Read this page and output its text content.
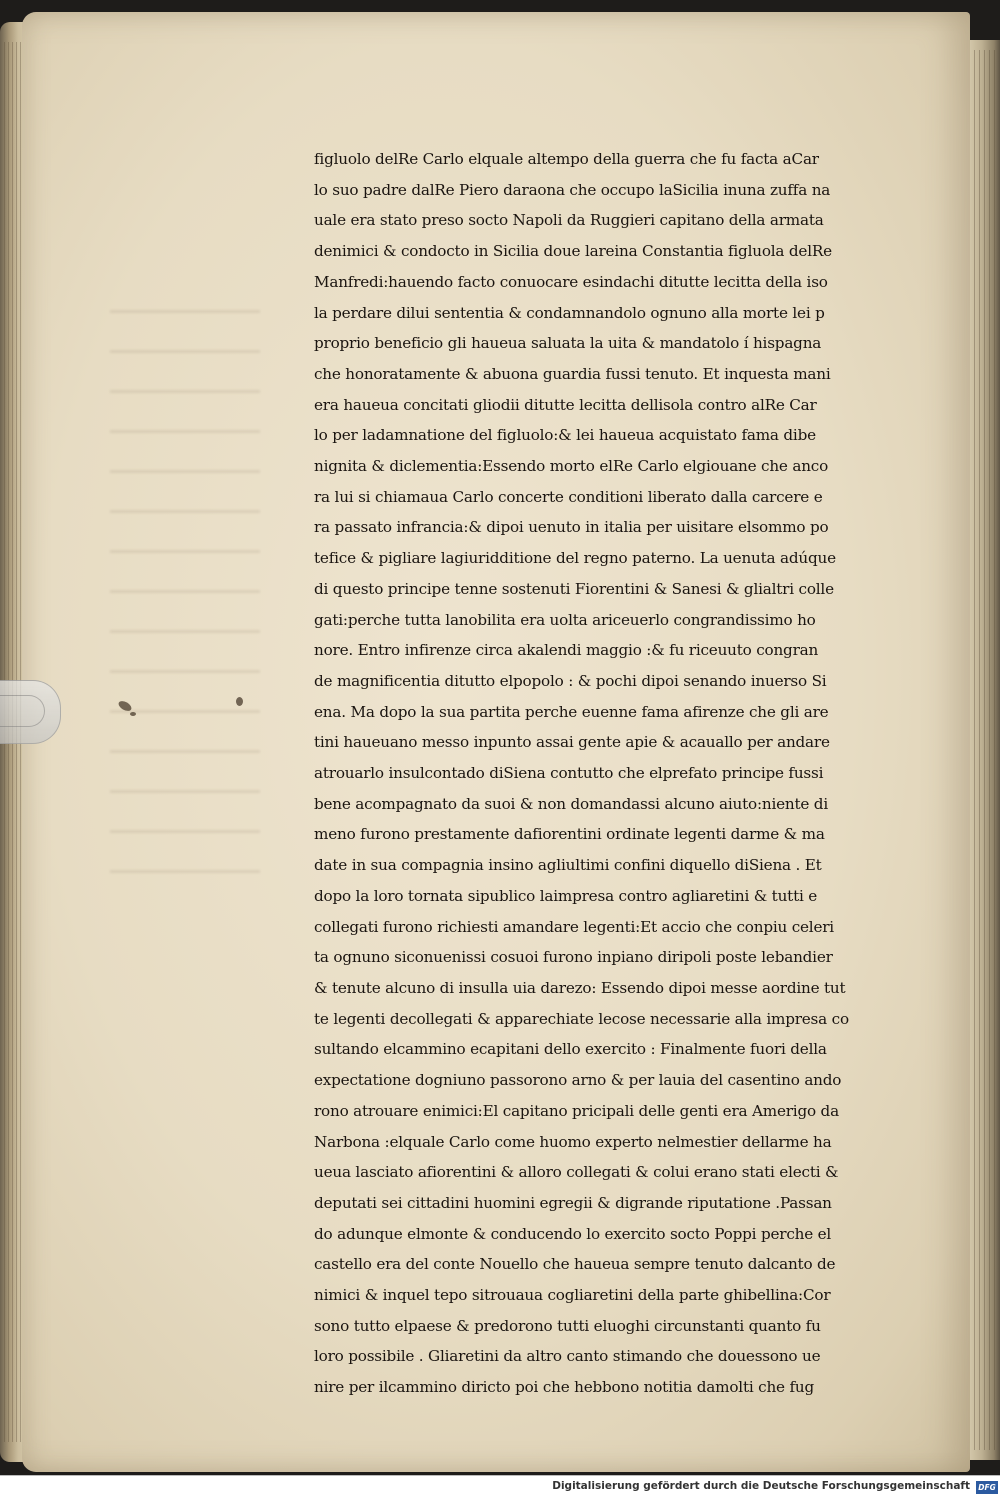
figluolo delRe Carlo elquale altempo della guerra che fu facta aCar
lo suo padre dalRe Piero daraona che occupo laSicilia inuna zuffa na
uale era stato preso socto Napoli da Ruggieri capitano della armata
denimici & condocto in Sicilia doue lareina Constantia figluola delRe
Manfredi:hauendo facto conuocare esindachi ditutte lecitta della iso
la perdare dilui sententia & condamnandolo ognuno alla morte lei p
proprio beneficio gli haueua saluata la uita & mandatolo í hispagna
che honoratamente & abuona guardia fussi tenuto. Et inquesta mani
era haueua concitati gliodii ditutte lecitta dellisola contro alRe Car
lo per ladamnatione del figluolo:& lei haueua acquistato fama dibe
nignita & diclementia:Essendo morto elRe Carlo elgiouane che anco
ra lui si chiamaua Carlo concerte conditioni liberato dalla carcere e
ra passato infrancia:& dipoi uenuto in italia per uisitare elsommo po
tefice & pigliare lagiuridditione del regno paterno. La uenuta adúque
di questo principe tenne sostenuti Fiorentini & Sanesi & glialtri colle
gati:perche tutta lanobilita era uolta ariceuerlo congrandissimo ho
nore. Entro infirenze circa akalendi maggio :& fu riceuuto congran
de magnificentia ditutto elpopolo : & pochi dipoi senando inuerso Si
ena. Ma dopo la sua partita perche euenne fama afirenze che gli are
tini haueuano messo inpunto assai gente apie & acauallo per andare
atrouarlo insulcontado diSiena contutto che elprefato principe fussi
bene acompagnato da suoi & non domandassi alcuno aiuto:niente di
meno furono prestamente dafiorentini ordinate legenti darme & ma
date in sua compagnia insino agliultimi confini diquello diSiena . Et
dopo la loro tornata sipublico laimpresa contro agliaretini & tutti e
collegati furono richiesti amandare legenti:Et accio che conpiu celeri
ta ognuno siconuenissi cosuoi furono inpiano diripoli poste lebandier
& tenute alcuno di insulla uia darezo: Essendo dipoi messe aordine tut
te legenti decollegati & apparechiate lecose necessarie alla impresa co
sultando elcammino ecapitani dello exercito : Finalmente fuori della
expectatione dogniuno passorono arno & per lauia del casentino ando
rono atrouare enimici:El capitano pricipali delle genti era Amerigo da
Narbona :elquale Carlo come huomo experto nelmestier dellarme ha
ueua lasciato afiorentini & alloro collegati & colui erano stati electi &
deputati sei cittadini huomini egregii & digrande riputatione .Passan
do adunque elmonte & conducendo lo exercito socto Poppi perche el
castello era del conte Nouello che haueua sempre tenuto dalcanto de
nimici & inquel tepo sitrouaua cogliaretini della parte ghibellina:Cor
sono tutto elpaese & predorono tutti eluoghi circunstanti quanto fu
loro possibile . Gliaretini da altro canto stimando che douessono ue
nire per ilcammino diricto poi che hebbono notitia damolti che fug
Digitalisierung gefördert durch die Deutsche Forschungsgemeinschaft DFG
